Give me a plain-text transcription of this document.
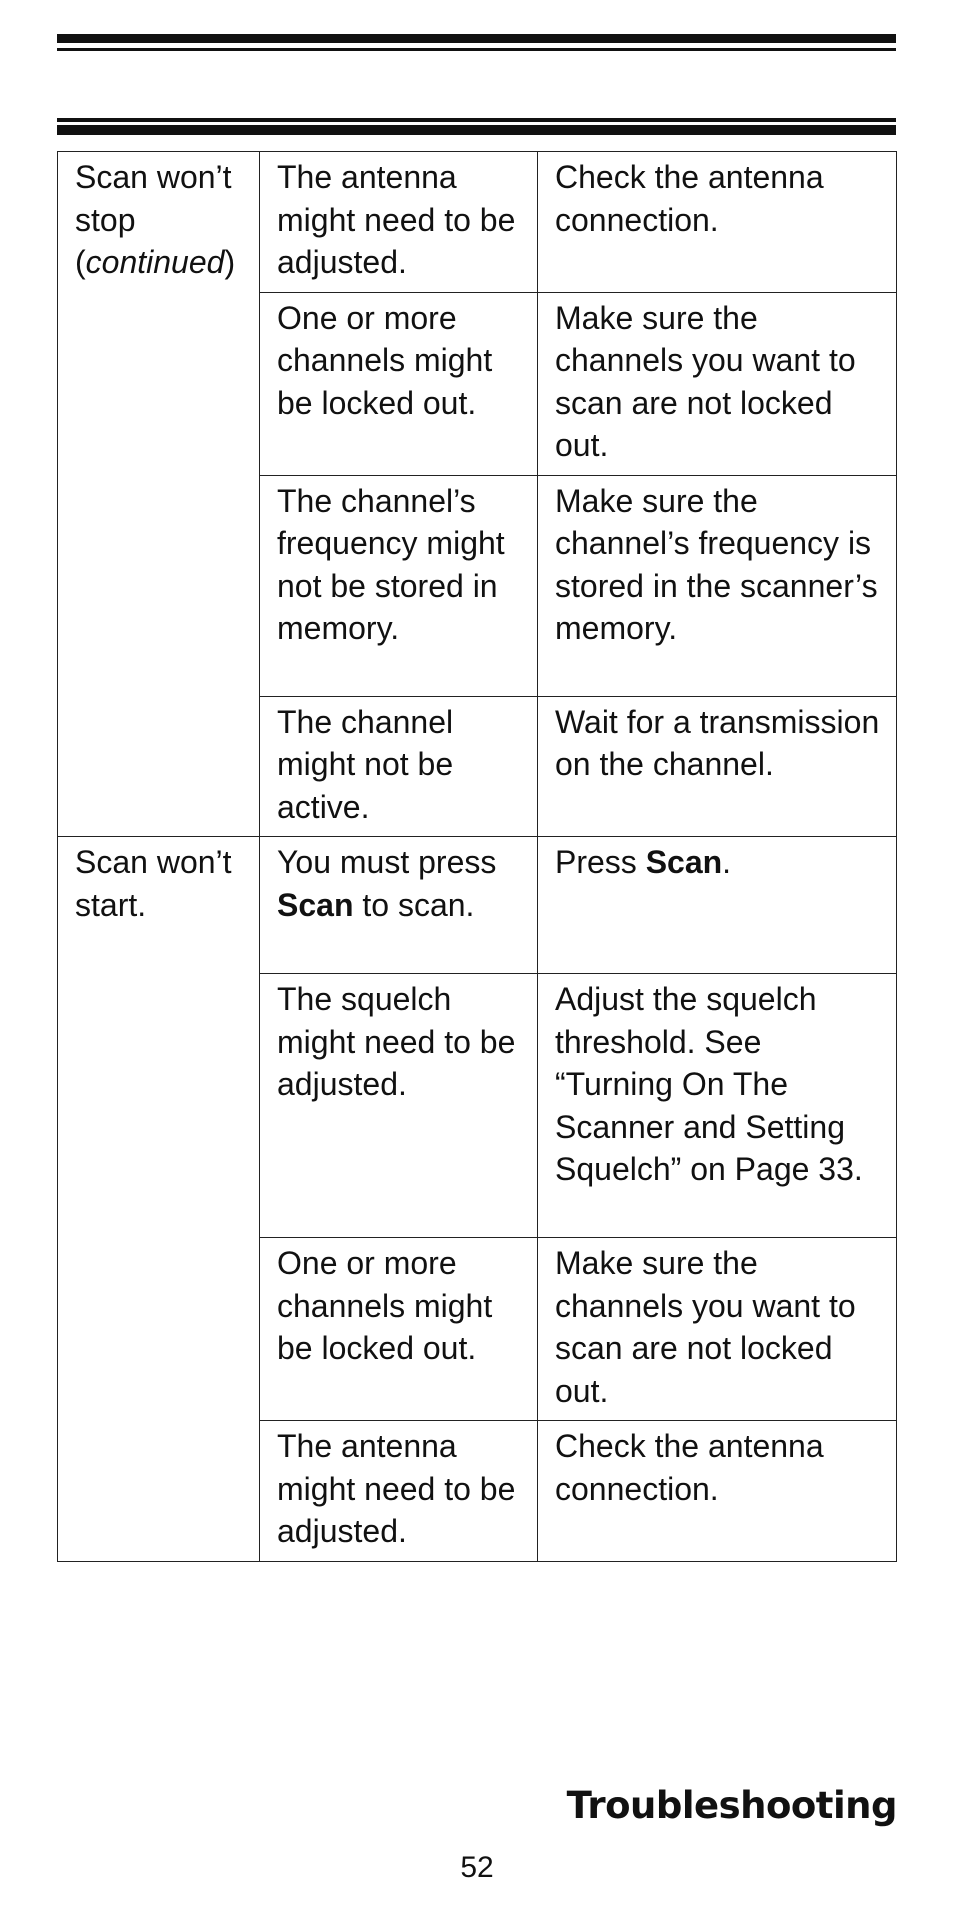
Scan won’t stop (continued)	The antenna might need to be adjusted.	Check the antenna connection.
	One or more channels might be locked out.	Make sure the channels you want to scan are not locked out.
	The channel’s frequency might not be stored in memory.	Make sure the channel’s frequency is stored in the scanner’s memory.
	The channel might not be active.	Wait for a transmission on the channel.
Scan won’t start.	You must press Scan to scan.	Press Scan.
	The squelch might need to be adjusted.	Adjust the squelch threshold. See “Turning On The Scanner and Setting Squelch” on Page 33.
	One or more channels might be locked out.	Make sure the channels you want to scan are not locked out.
	The antenna might need to be adjusted.	Check the antenna connection.
Troubleshooting
52
